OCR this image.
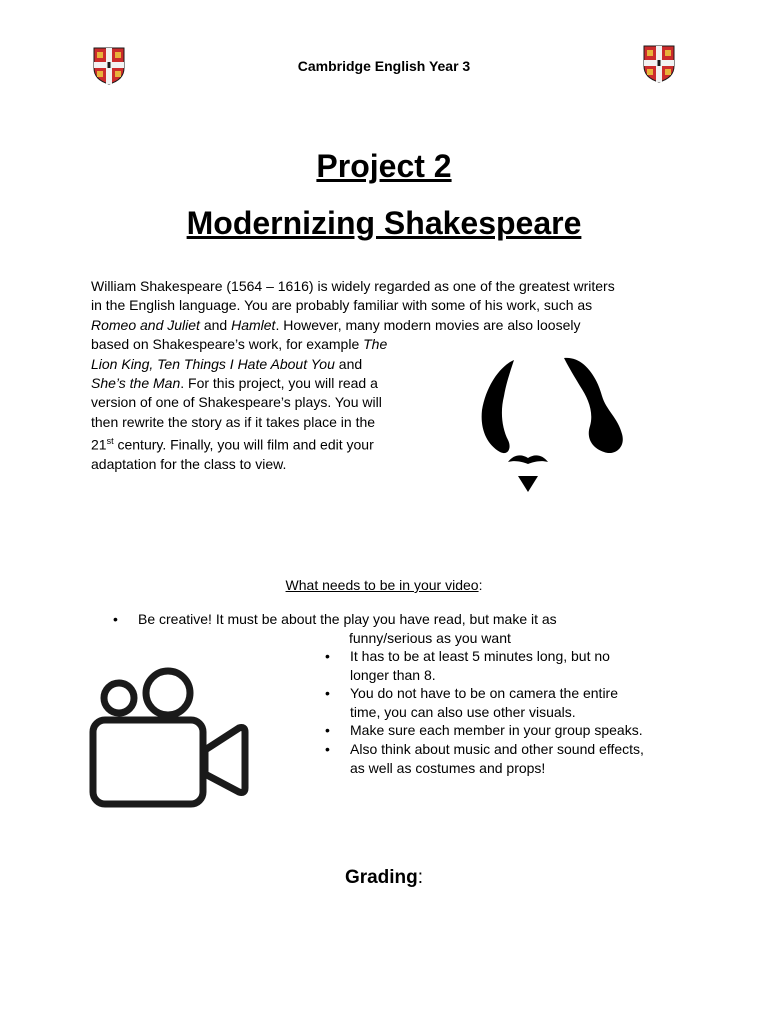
Cambridge English Year 3
Project 2
Modernizing Shakespeare
William Shakespeare (1564 – 1616) is widely regarded as one of the greatest writers
in the English language. You are probably familiar with some of his work, such as
Romeo and Juliet and Hamlet. However, many modern movies are also loosely
based on Shakespeare’s work, for example The
Lion King, Ten Things I Hate About You and
She’s the Man. For this project, you will read a
version of one of Shakespeare’s plays. You will
then rewrite the story as if it takes place in the
21st century. Finally, you will film and edit your
adaptation for the class to view.
What needs to be in your video:
• Be creative! It must be about the play you have read, but make it as
funny/serious as you want
• It has to be at least 5 minutes long, but no
longer than 8.
• You do not have to be on camera the entire
time, you can also use other visuals.
• Make sure each member in your group speaks.
• Also think about music and other sound effects,
as well as costumes and props!
Grading:
